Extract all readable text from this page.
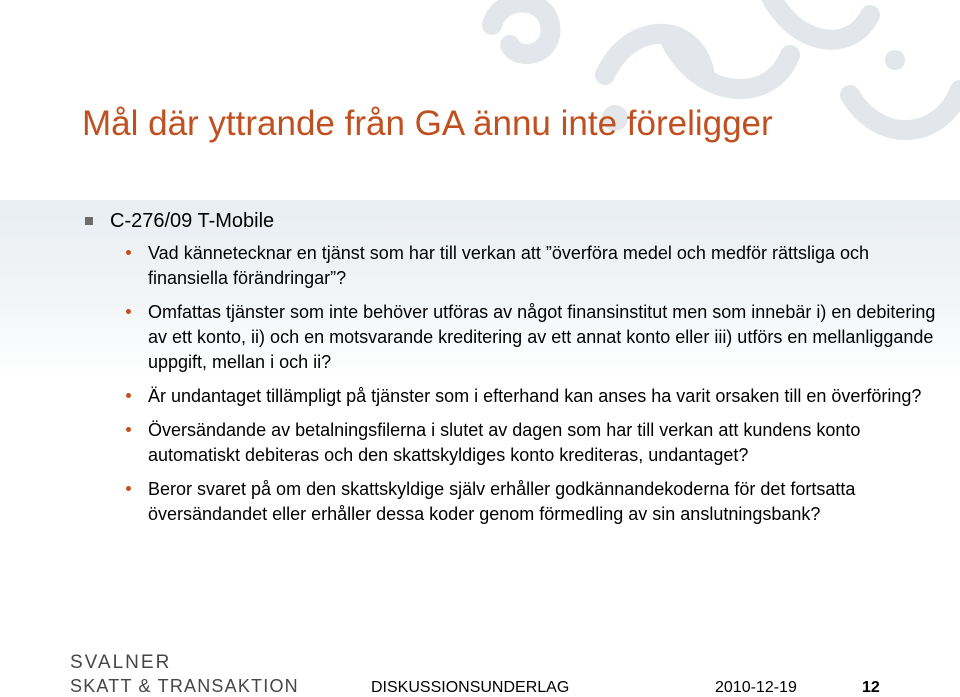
Mål där yttrande från GA ännu inte föreligger
C-276/09 T-Mobile
Vad kännetecknar en tjänst som har till verkan att ”överföra medel och medför rättsliga och finansiella förändringar”?
Omfattas tjänster som inte behöver utföras av något finansinstitut men som innebär i) en debitering av ett konto, ii) och en motsvarande kreditering av ett annat konto eller iii) utförs en mellanliggande uppgift, mellan i och ii?
Är undantaget tillämpligt på tjänster som i efterhand kan anses ha varit orsaken till en överföring?
Översändande av betalningsfilerna i slutet av dagen som har till verkan att kundens konto automatiskt debiteras och den skattskyldiges konto krediteras, undantaget?
Beror svaret på om den skattskyldige själv erhåller godkännandekoderna för det fortsatta översändandet eller erhåller dessa koder genom förmedling av sin anslutningsbank?
SVALNER
SKATT & TRANSAKTION	DISKUSSIONSUNDERLAG	2010-12-19	12
